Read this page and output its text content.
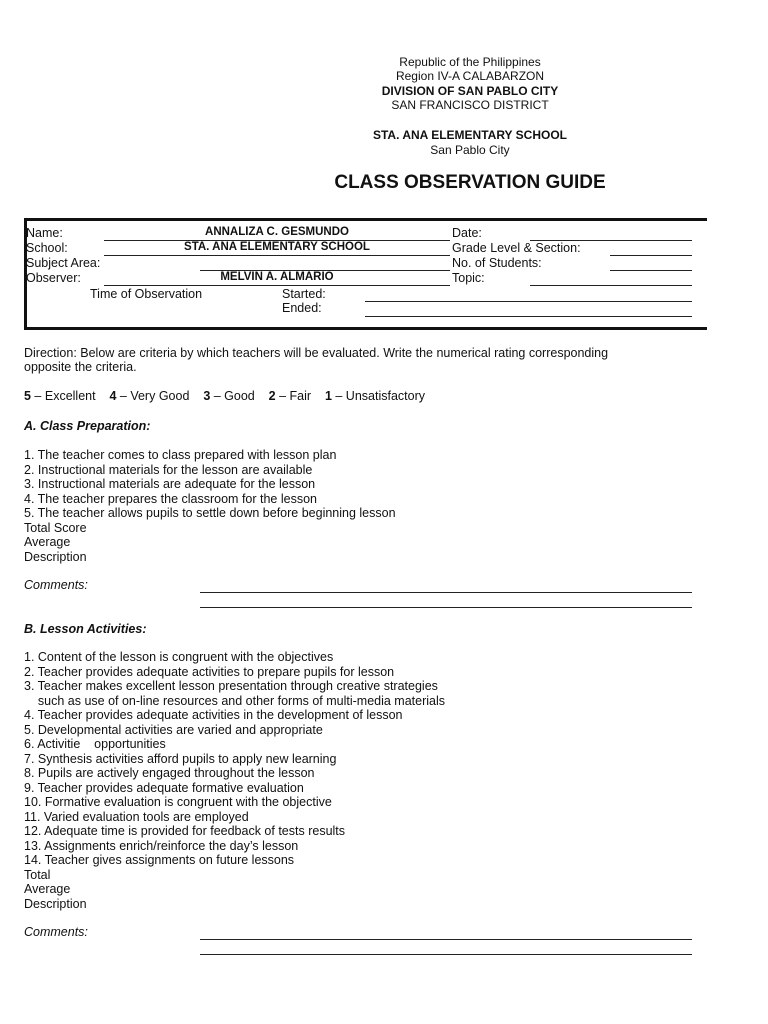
Republic of the Philippines
Region IV-A CALABARZON
DIVISION OF SAN PABLO CITY
SAN FRANCISCO DISTRICT
STA. ANA ELEMENTARY SCHOOL
San Pablo City
CLASS OBSERVATION GUIDE
Name:	ANNALIZA C. GESMUNDO
School:	STA. ANA ELEMENTARY SCHOOL
Subject Area:
Observer:	MELVIN A. ALMARIO
Time of Observation	Started:
Ended:
Date:
Grade Level & Section:
No. of Students:
Topic:
Direction: Below are criteria by which teachers will be evaluated. Write the numerical rating corresponding
opposite the criteria.
5 – Excellent 4 – Very Good 3 – Good 2 – Fair 1 – Unsatisfactory
A. Class Preparation:
1. The teacher comes to class prepared with lesson plan
2. Instructional materials for the lesson are available
3. Instructional materials are adequate for the lesson
4. The teacher prepares the classroom for the lesson
5. The teacher allows pupils to settle down before beginning lesson
Total Score
Average
Description
Comments:
B. Lesson Activities:
1. Content of the lesson is congruent with the objectives
2. Teacher provides adequate activities to prepare pupils for lesson
3. Teacher makes excellent lesson presentation through creative strategies
such as use of on-line resources and other forms of multi-media materials
4. Teacher provides adequate activities in the development of lesson
5. Developmental activities are varied and appropriate
6. Activitie    opportunities
7. Synthesis activities afford pupils to apply new learning
8. Pupils are actively engaged throughout the lesson
9. Teacher provides adequate formative evaluation
10. Formative evaluation is congruent with the objective
11. Varied evaluation tools are employed
12. Adequate time is provided for feedback of tests results
13. Assignments enrich/reinforce the day’s lesson
14. Teacher gives assignments on future lessons
Total
Average
Description
Comments:
